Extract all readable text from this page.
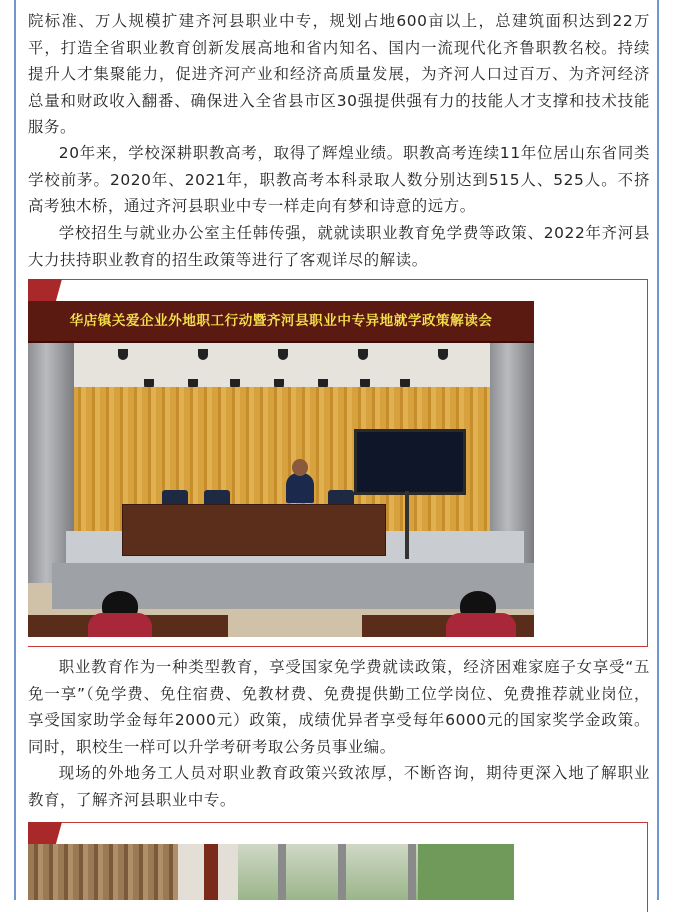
院标准、万人规模扩建齐河县职业中专，规划占地600亩以上，总建筑面积达到22万平，打造全省职业教育创新发展高地和省内知名、国内一流现代化齐鲁职教名校。持续提升人才集聚能力，促进齐河产业和经济高质量发展，为齐河人口过百万、为齐河经济总量和财政收入翻番、确保进入全省县市区30强提供强有力的技能人才支撑和技术技能服务。

20年来，学校深耕职教高考，取得了辉煌业绩。职教高考连续11年位居山东省同类学校前茅。2020年、2021年，职教高考本科录取人数分别达到515人、525人。不挤高考独木桥，通过齐河县职业中专一样走向有梦和诗意的远方。

学校招生与就业办公室主任韩传强，就就读职业教育免学费等政策、2022年齐河县大力扶持职业教育的招生政策等进行了客观详尽的解读。

华店镇关爱企业外地职工行动暨齐河县职业中专异地就学政策解读会

职业教育作为一种类型教育，享受国家免学费就读政策，经济困难家庭子女享受“五免一享”（免学费、免住宿费、免教材费、免费提供勤工位学岗位、免费推荐就业岗位，享受国家助学金每年2000元）政策，成绩优异者享受每年6000元的国家奖学金政策。同时，职校生一样可以升学考研考取公务员事业编。

现场的外地务工人员对职业教育政策兴致浓厚，不断咨询，期待更深入地了解职业教育，了解齐河县职业中专。
